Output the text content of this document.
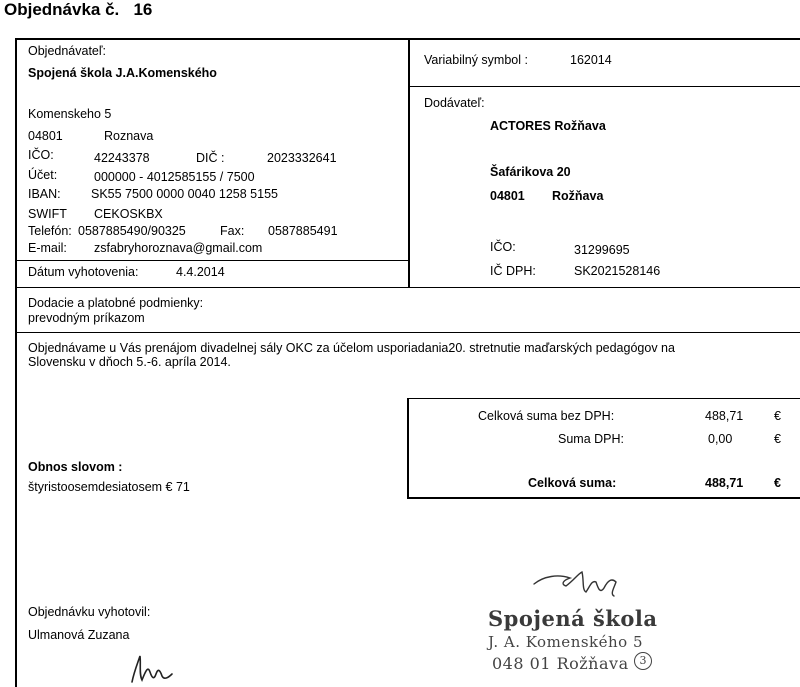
Objednávka č. 16
Objednávateľ:
Spojená škola J.A.Komenského
Komenskeho 5
04801	Roznava
IČO:	42243378	DIČ :	2023332641
Účet:	000000 - 4012585155 / 7500
IBAN: SK55 7500 0000 0040 1258 5155
SWIFT CEKOSKBX
Telefón: 0587885490/90325	Fax: 0587885491
E-mail: zsfabryhoroznava@gmail.com
Dátum vyhotovenia:	4.4.2014
Variabilný symbol :	162014
Dodávateľ:
ACTORES Rožňava
Šafárikova 20
04801 Rožňava
IČO:	31299695
IČ DPH:	SK2021528146
Dodacie a platobné podmienky:
prevodným príkazom
Objednávame u Vás prenájom divadelnej sály OKC za účelom usporiadania20. stretnutie maďarských pedagógov na
Slovensku v dňoch 5.-6. apríla 2014.
Celková suma bez DPH:	488,71 €
Suma DPH:	0,00	€
Celková suma:	488,71 €
Obnos slovom :
štyristoosemdesiatosem € 71
Objednávku vyhotovil:
Ulmanová Zuzana
Spojená škola
J. A. Komenského 5
048 01 Rožňava 3
